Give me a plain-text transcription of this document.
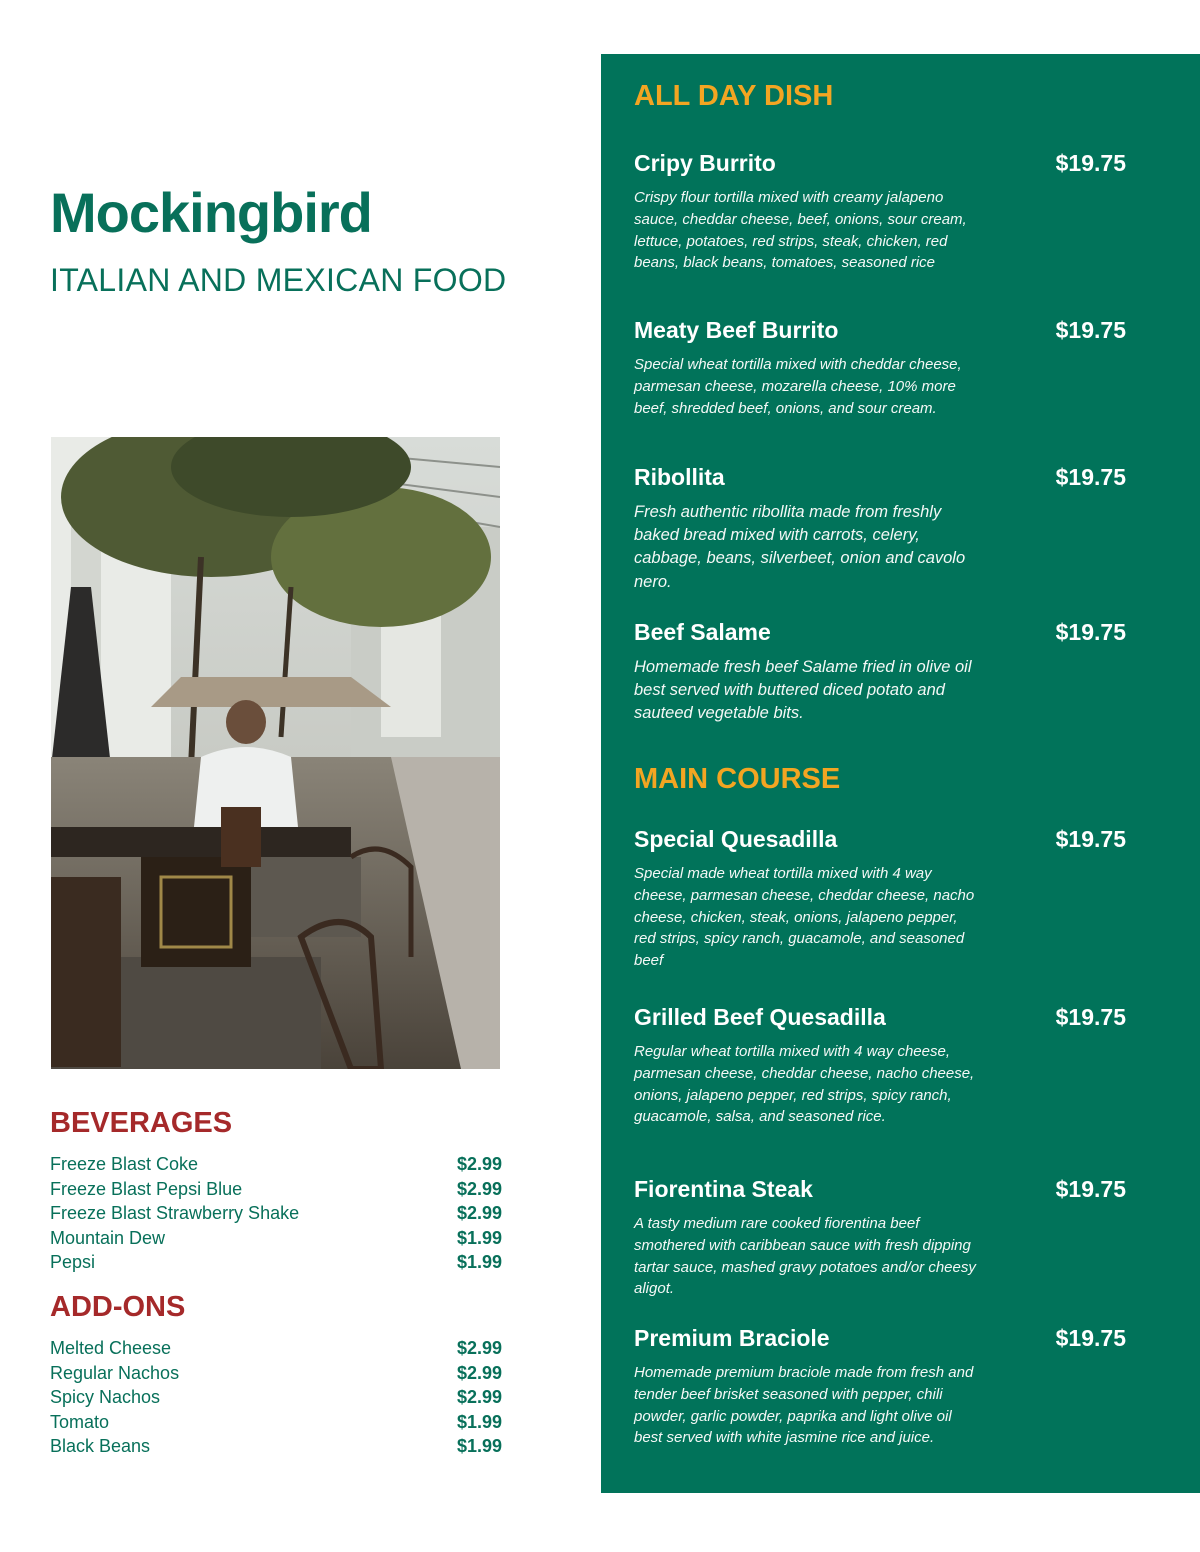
Mockingbird

ITALIAN AND MEXICAN FOOD

BEVERAGES
Freeze Blast Coke	$2.99
Freeze Blast Pepsi Blue	$2.99
Freeze Blast Strawberry Shake	$2.99
Mountain Dew	$1.99
Pepsi	$1.99
ADD-ONS
Melted Cheese	$2.99
Regular Nachos	$2.99
Spicy Nachos	$2.99
Tomato	$1.99
Black Beans	$1.99
ALL DAY DISH
Cripy Burrito	$19.75
Crispy flour tortilla mixed with creamy jalapeno sauce, cheddar cheese, beef, onions, sour cream, lettuce, potatoes, red strips, steak, chicken, red beans, black beans, tomatoes, seasoned rice
Meaty Beef Burrito	$19.75
Special wheat tortilla mixed with cheddar cheese, parmesan cheese, mozarella cheese, 10% more beef, shredded beef, onions, and sour cream.
Ribollita	$19.75
Fresh authentic ribollita made from freshly baked bread mixed with carrots, celery, cabbage, beans, silverbeet, onion and cavolo nero.
Beef Salame	$19.75
Homemade fresh beef Salame fried in olive oil best served with buttered diced potato and sauteed vegetable bits.
MAIN COURSE
Special Quesadilla	$19.75
Special made wheat tortilla mixed with 4 way cheese, parmesan cheese, cheddar cheese, nacho cheese, chicken, steak, onions, jalapeno pepper, red strips, spicy ranch, guacamole, and seasoned beef
Grilled Beef Quesadilla	$19.75
Regular wheat tortilla mixed with 4 way cheese, parmesan cheese, cheddar cheese, nacho cheese, onions, jalapeno pepper, red strips, spicy ranch, guacamole, salsa, and seasoned rice.
Fiorentina Steak	$19.75
A tasty medium rare cooked fiorentina beef smothered with caribbean sauce with fresh dipping tartar sauce, mashed gravy potatoes and/or cheesy aligot.
Premium Braciole	$19.75
Homemade premium braciole made from fresh and tender beef brisket seasoned with pepper, chili powder, garlic powder, paprika and light olive oil best served with white jasmine rice and juice.
